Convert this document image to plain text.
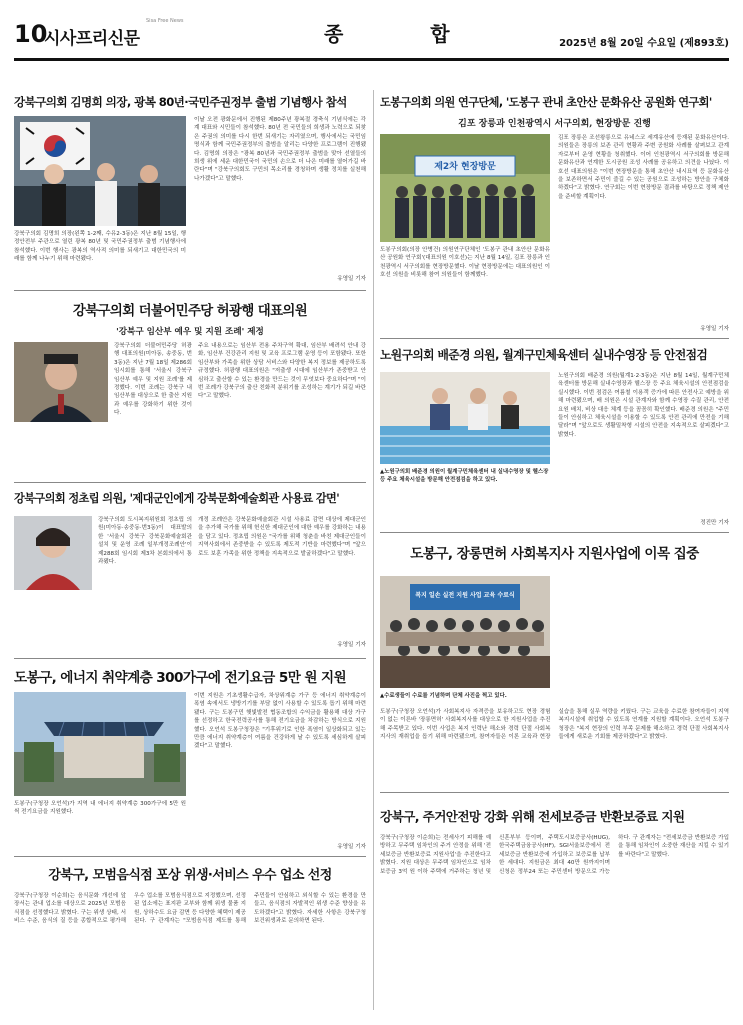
10
시사프리신문
Sisa Free News
종 합	2025년 8월 20일 수요일 (제893호)
강북구의회 김명희 의장, 광복 80년·국민주권정부 출범 기념행사 참석
강북구의회 김명희 의장(왼쪽 1-2째, 수유2-3동)은 지난 8월 15일, 행정안전부 주관으로 열린 광복 80년 및 국민주권정부 출범 기념행사에 참석했다. 이번 행사는 광복의 역사적 의미를 되새기고 대한민국의 미래를 함께 나누기 위해 마련됐다.
이날 오전 광화문에서 진행된 제80주년 광복절 경축식 기념식에는 각계 대표와 시민들이 참석했다. 80년 전 국민들의 희생과 노력으로 되찾은 주권의 의미를 다시 한번 되새기는 자리였으며, 행사에서는 국민임명식과 함께 국민주권정부의 출범을 알리는 다양한 프로그램이 진행됐다. 김명희 의장은 "광복 80년과 국민주권정부 출범을 맞아 선열들의 희생 위에 세운 대한민국이 국민의 손으로 더 나은 미래를 열어가길 바란다"며 "강북구의회도 구민의 목소리를 경청하며 생활 정치를 실천해 나가겠다"고 말했다.
유영일 기자
강북구의회 더불어민주당 허광행 대표의원
'강북구 임산부 예우 및 지원 조례' 제정
강북구의회 더불어민주당 허광행 대표의원(미아동, 송중동, 번3동)은 지난 7월 18일 제286회 임시회를 통해 '서울시 강북구 임산부 예우 및 지원 조례'를 제정했다. 이번 조례는 강북구 내 임산부를 대상으로 한 출산 지원과 예우를 강화하기 위한 것이다.
주요 내용으로는 임산부 전용 주차구역 확대, 임산부 배려석 안내 강화, 임산부 건강관리 지원 및 교육 프로그램 운영 등이 포함됐다. 또한 임산부와 가족을 위한 상담 서비스와 다양한 복지 정보를 제공하도록 규정했다. 허광행 대표의원은 "저출생 시대에 임산부가 존중받고 안심하고 출산할 수 있는 환경을 만드는 것이 무엇보다 중요하다"며 "이번 조례가 강북구의 출산 친화적 분위기를 조성하는 계기가 되길 바란다"고 말했다.
강북구의회 정초립 의원, '제대군인에게 강북문화예술회관 사용료 감면'
강북구의회 도시복지위원회 정초립 의원(미아동·송중동·번3동)이 대표발의한 '서울시 강북구 강북문화예술회관 설치 및 운영 조례 일부개정조례안'이 제288회 임시회 제3차 본회의에서 통과됐다.
개정 조례안은 강북문화예술회관 시설 사용료 감면 대상에 제대군인을 추가해 국가를 위해 헌신한 제대군인에 대한 예우를 강화하는 내용을 담고 있다. 정초립 의원은 "국가를 위해 청춘을 바친 제대군인들이 지역사회에서 존중받을 수 있도록 제도적 기반을 마련했다"며 "앞으로도 보훈 가족을 위한 정책을 지속적으로 발굴하겠다"고 말했다.
유영일 기자
도봉구, 에너지 취약계층 300가구에 전기요금 5만 원 지원
도봉구(구청장 오언석)가 지역 내 에너지 취약계층 300가구에 5만 원씩 전기요금을 지원했다.
이번 지원은 기초생활수급자, 차상위계층 가구 등 에너지 취약계층이 폭염 속에서도 냉방기기를 부담 없이 사용할 수 있도록 돕기 위해 마련됐다. 구는 도봉구민 햇빛발전 협동조합의 수익금을 활용해 대상 가구를 선정하고 한국전력공사를 통해 전기요금을 차감하는 방식으로 지원했다. 오언석 도봉구청장은 "기후위기로 인한 폭염이 일상화되고 있는 만큼 에너지 취약계층이 여름을 건강하게 날 수 있도록 세심하게 살피겠다"고 말했다.
유영일 기자
강북구, 모범음식점 포상 위생·서비스 우수 업소 선정
강북구(구청장 이순희)는 음식문화 개선에 앞장서는 관내 업소를 대상으로 2025년 모범음식점을 선정했다고 밝혔다. 구는 위생 상태, 서비스 수준, 음식의 질 등을 종합적으로 평가해 우수 업소를 모범음식점으로 지정했으며, 선정된 업소에는 표지판 교부와 함께 위생 물품 지원, 상하수도 요금 감면 등 다양한 혜택이 제공된다. 구 관계자는 "모범음식점 제도를 통해 주민들이 안심하고 외식할 수 있는 환경을 만들고, 음식점의 자발적인 위생 수준 향상을 유도하겠다"고 밝혔다. 자세한 사항은 강북구청 보건위생과로 문의하면 된다.
도봉구의회 의원 연구단체, '도봉구 관내 초안산 문화유산 공원화 연구회'
김포 장릉과 인천광역시 서구의회, 현장방문 진행
제2차 현장방문
도봉구의회(의장 안병건) 의원연구단체인 '도봉구 관내 초안산 문화유산 공원화 연구회'(대표의원 이호선)는 지난 8월 14일, 김포 장릉과 인천광역시 서구의회를 현장방문했다. 이날 현장방문에는 대표의원인 이호선 의원을 비롯해 참여 의원들이 함께했다.
김포 장릉은 조선왕릉으로 유네스코 세계유산에 등재된 문화유산이다. 의원들은 장릉의 보존 관리 현황과 주변 공원화 사례를 살펴보고 관계자로부터 운영 현황을 청취했다. 이어 인천광역시 서구의회를 방문해 문화유산과 연계한 도시공원 조성 사례를 공유하고 의견을 나눴다. 이호선 대표의원은 "이번 현장방문을 통해 초안산 내시묘역 등 문화유산을 보존하면서 주민이 즐길 수 있는 공원으로 조성하는 방안을 구체화하겠다"고 밝혔다. 연구회는 이번 현장방문 결과를 바탕으로 정책 제안을 준비할 계획이다.
유영일 기자
노원구의회 배준경 의원, 월계구민체육센터 실내수영장 등 안전점검
▲노원구의회 배준경 의원이 월계구민체육센터 내 실내수영장 및 헬스장 등 주요 체육시설을 방문해 안전점검을 하고 있다.
노원구의회 배준경 의원(월계1·2·3동)은 지난 8월 14일, 월계구민체육센터를 방문해 실내수영장과 헬스장 등 주요 체육시설의 안전점검을 실시했다. 이번 점검은 여름철 이용객 증가에 따른 안전사고 예방을 위해 마련됐으며, 배 의원은 시설 관계자와 함께 수영장 수질 관리, 안전요원 배치, 비상 대응 체계 등을 꼼꼼히 확인했다. 배준경 의원은 "주민들이 안심하고 체육시설을 이용할 수 있도록 안전 관리에 만전을 기해 달라"며 "앞으로도 생활밀착형 시설의 안전을 지속적으로 살피겠다"고 밝혔다.
정진만 기자
도봉구, 장롱면허 사회복지사 지원사업에 이목 집중
복지 일손 실전 지원 사업 교육 수료식
▲수료생들이 수료를 기념하며 단체 사진을 찍고 있다.
도봉구(구청장 오언석)가 사회복지사 자격증을 보유하고도 현장 경험이 없는 이른바 '장롱면허' 사회복지사를 대상으로 한 지원사업을 추진해 주목받고 있다. 이번 사업은 복지 인력난 해소와 경력 단절 사회복지사의 재취업을 돕기 위해 마련됐으며, 참여자들은 이론 교육과 현장 실습을 통해 실무 역량을 키웠다. 구는 교육을 수료한 참여자들이 지역 복지시설에 취업할 수 있도록 연계를 지원할 계획이다. 오언석 도봉구청장은 "복지 현장의 인력 부족 문제를 해소하고 경력 단절 사회복지사들에게 새로운 기회를 제공하겠다"고 밝혔다.
강북구, 주거안전망 강화 위해 전세보증금 반환보증료 지원
강북구(구청장 이순희)는 전세사기 피해를 예방하고 무주택 임차인의 주거 안정을 위해 '전세보증금 반환보증료 지원사업'을 추진한다고 밝혔다. 지원 대상은 무주택 임차인으로 임차보증금 3억 원 이하 주택에 거주하는 청년 및 신혼부부 등이며, 주택도시보증공사(HUG), 한국주택금융공사(HF), SGI서울보증에서 전세보증금 반환보증에 가입하고 보증료를 납부한 세대다. 지원금은 최대 40만 원까지이며 신청은 정부24 또는 주민센터 방문으로 가능하다. 구 관계자는 "전세보증금 반환보증 가입을 통해 임차인이 소중한 재산을 지킬 수 있기를 바란다"고 말했다.
